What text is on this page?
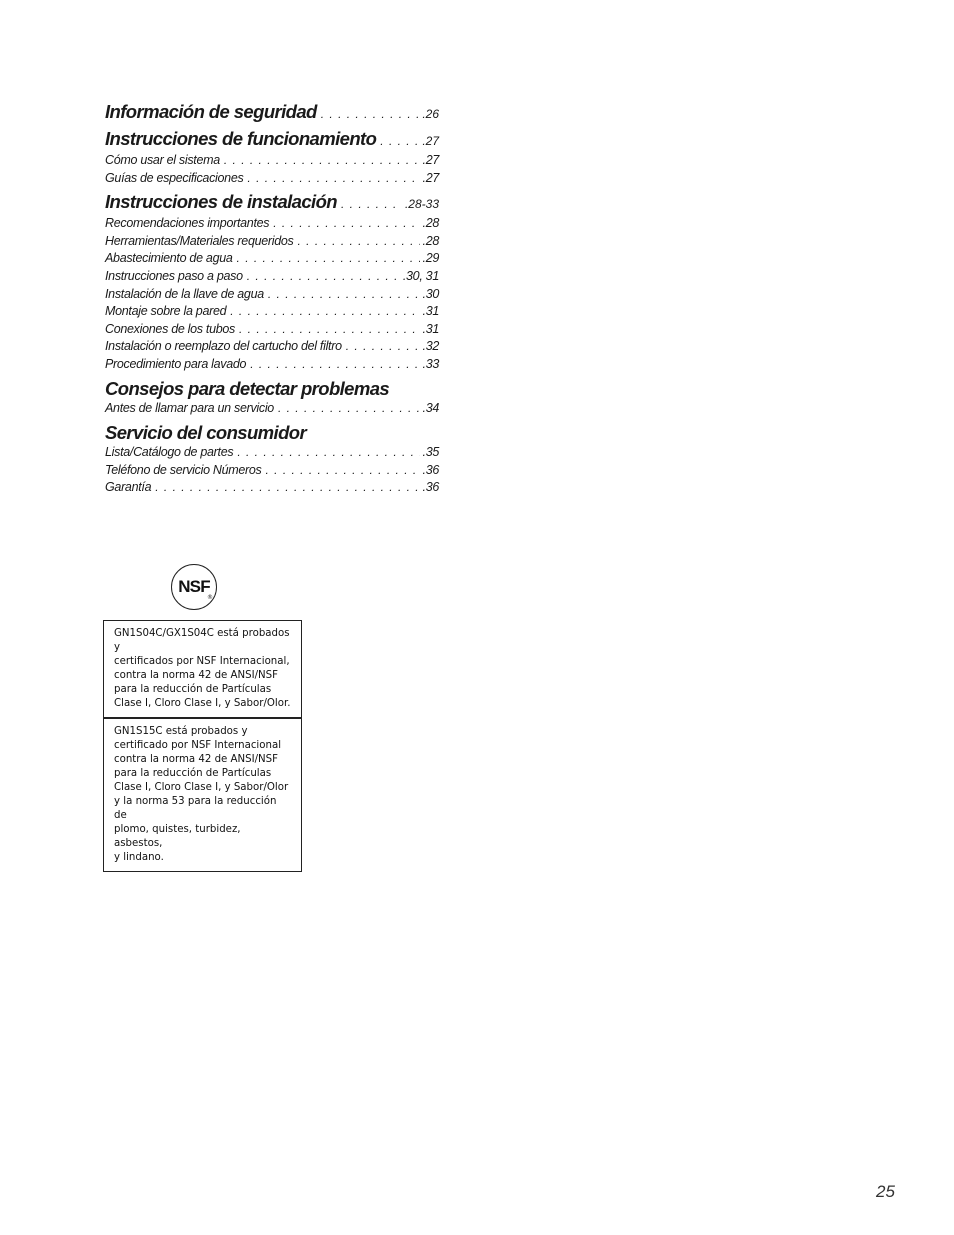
Información de seguridad . . .	.26
Instrucciones de funcionamiento . . .	.27
Cómo usar el sistema . . .	.27
Guías de especificaciones . . .	.27
Instrucciones de instalación . . .	.28-33
Recomendaciones importantes . . .	.28
Herramientas/Materiales requeridos . . .	.28
Abastecimiento de agua . . .	.29
Instrucciones paso a paso . . .	.30, 31
Instalación de la llave de agua . . .	.30
Montaje sobre la pared . . .	.31
Conexiones de los tubos . . .	.31
Instalación o reemplazo del cartucho del filtro . . .	.32
Procedimiento para lavado . . .	.33
Consejos para detectar problemas
Antes de llamar para un servicio . . .	.34
Servicio del consumidor
Lista/Catálogo de partes . . .	.35
Teléfono de servicio Números . . .	.36
Garantía . . .	.36
NSF
®
GN1S04C/GX1S04C está probados y
certificados por NSF Internacional,
contra la norma 42 de ANSI/NSF
para la reducción de Partículas
Clase I, Cloro Clase I, y Sabor/Olor.
GN1S15C está probados y
certificado por NSF Internacional
contra la norma 42 de ANSI/NSF
para la reducción de Partículas
Clase I, Cloro Clase I, y Sabor/Olor
y la norma 53 para la reducción de
plomo, quistes, turbidez, asbestos,
y lindano.
25
